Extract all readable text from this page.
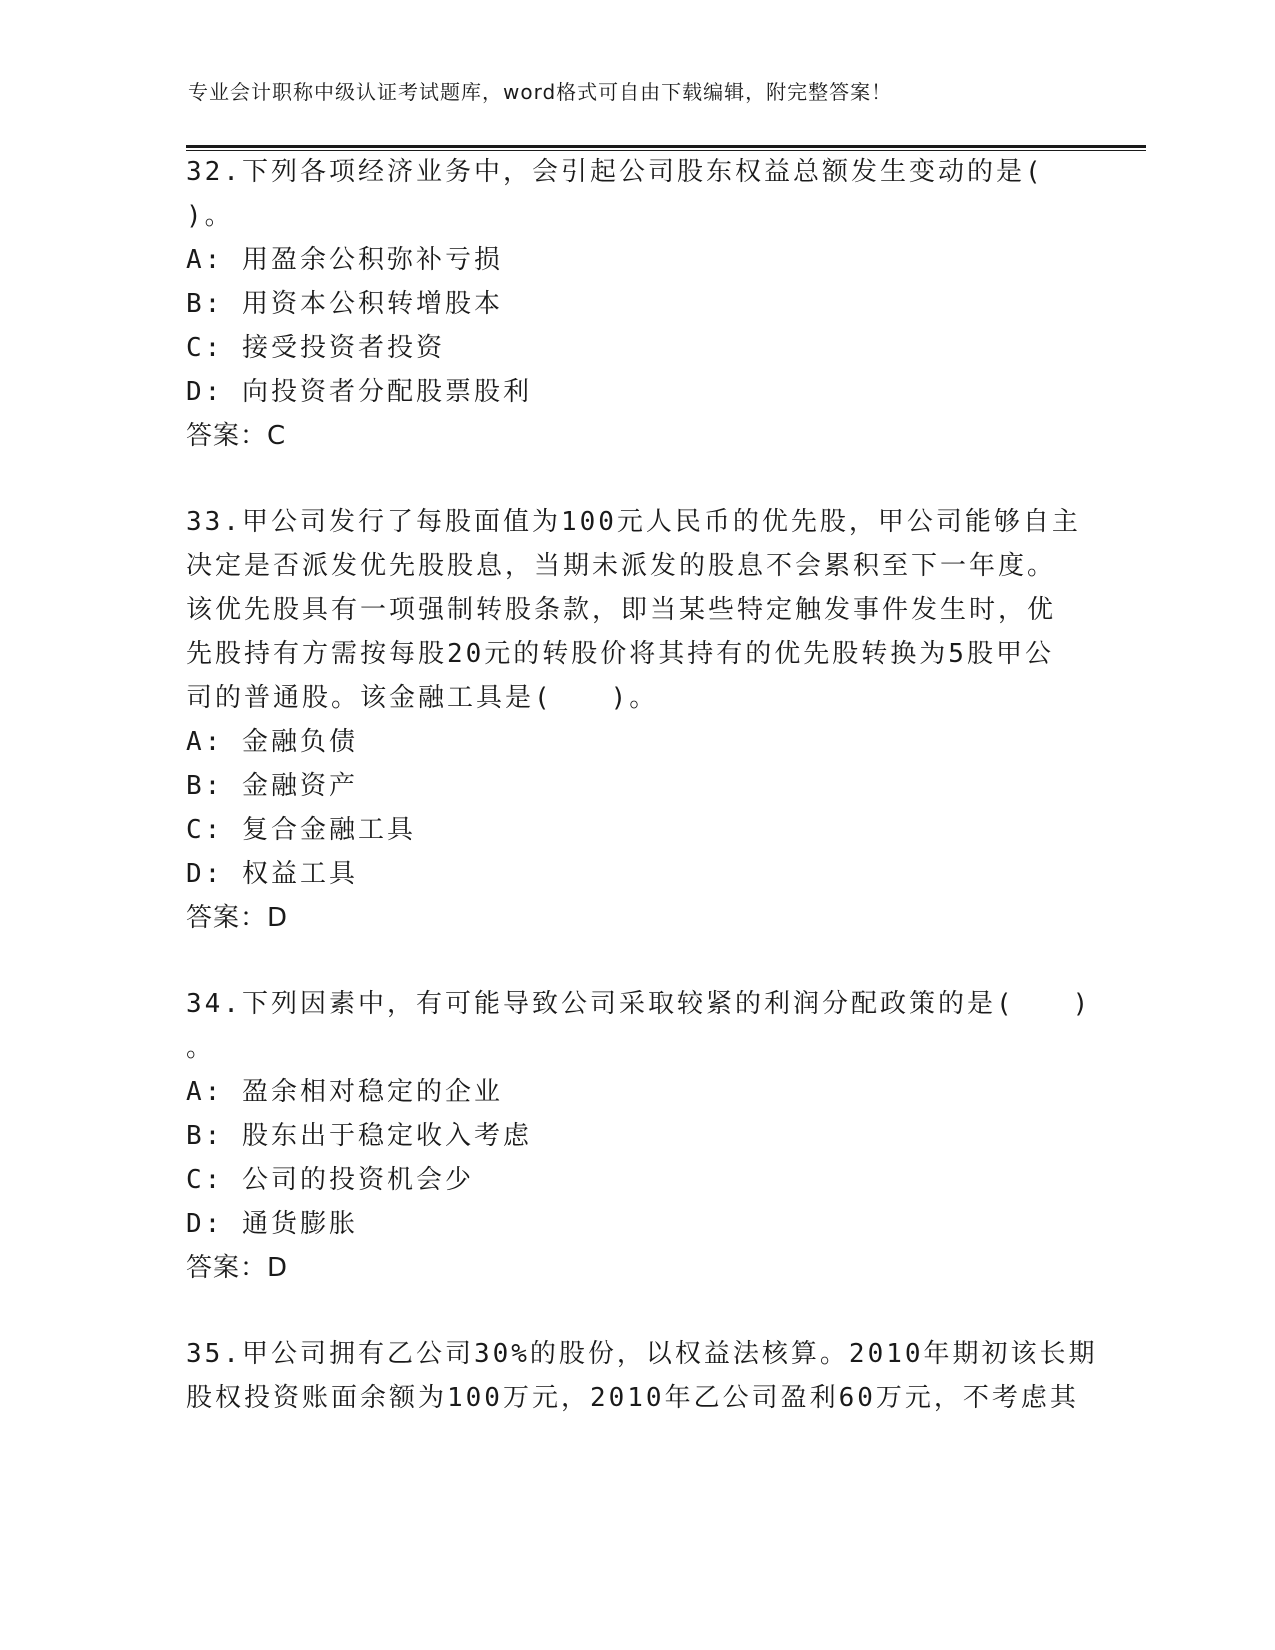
专业会计职称中级认证考试题库，word格式可自由下载编辑，附完整答案！
32.下列各项经济业务中，会引起公司股东权益总额发生变动的是(
)。
A: 用盈余公积弥补亏损
B: 用资本公积转增股本
C: 接受投资者投资
D: 向投资者分配股票股利
答案：C
33.甲公司发行了每股面值为100元人民币的优先股，甲公司能够自主
决定是否派发优先股股息，当期未派发的股息不会累积至下一年度。
该优先股具有一项强制转股条款，即当某些特定触发事件发生时，优
先股持有方需按每股20元的转股价将其持有的优先股转换为5股甲公
司的普通股。该金融工具是(　　)。
A: 金融负债
B: 金融资产
C: 复合金融工具
D: 权益工具
答案：D
34.下列因素中，有可能导致公司采取较紧的利润分配政策的是(　　)
。
A: 盈余相对稳定的企业
B: 股东出于稳定收入考虑
C: 公司的投资机会少
D: 通货膨胀
答案：D
35.甲公司拥有乙公司30%的股份，以权益法核算。2010年期初该长期
股权投资账面余额为100万元，2010年乙公司盈利60万元，不考虑其
